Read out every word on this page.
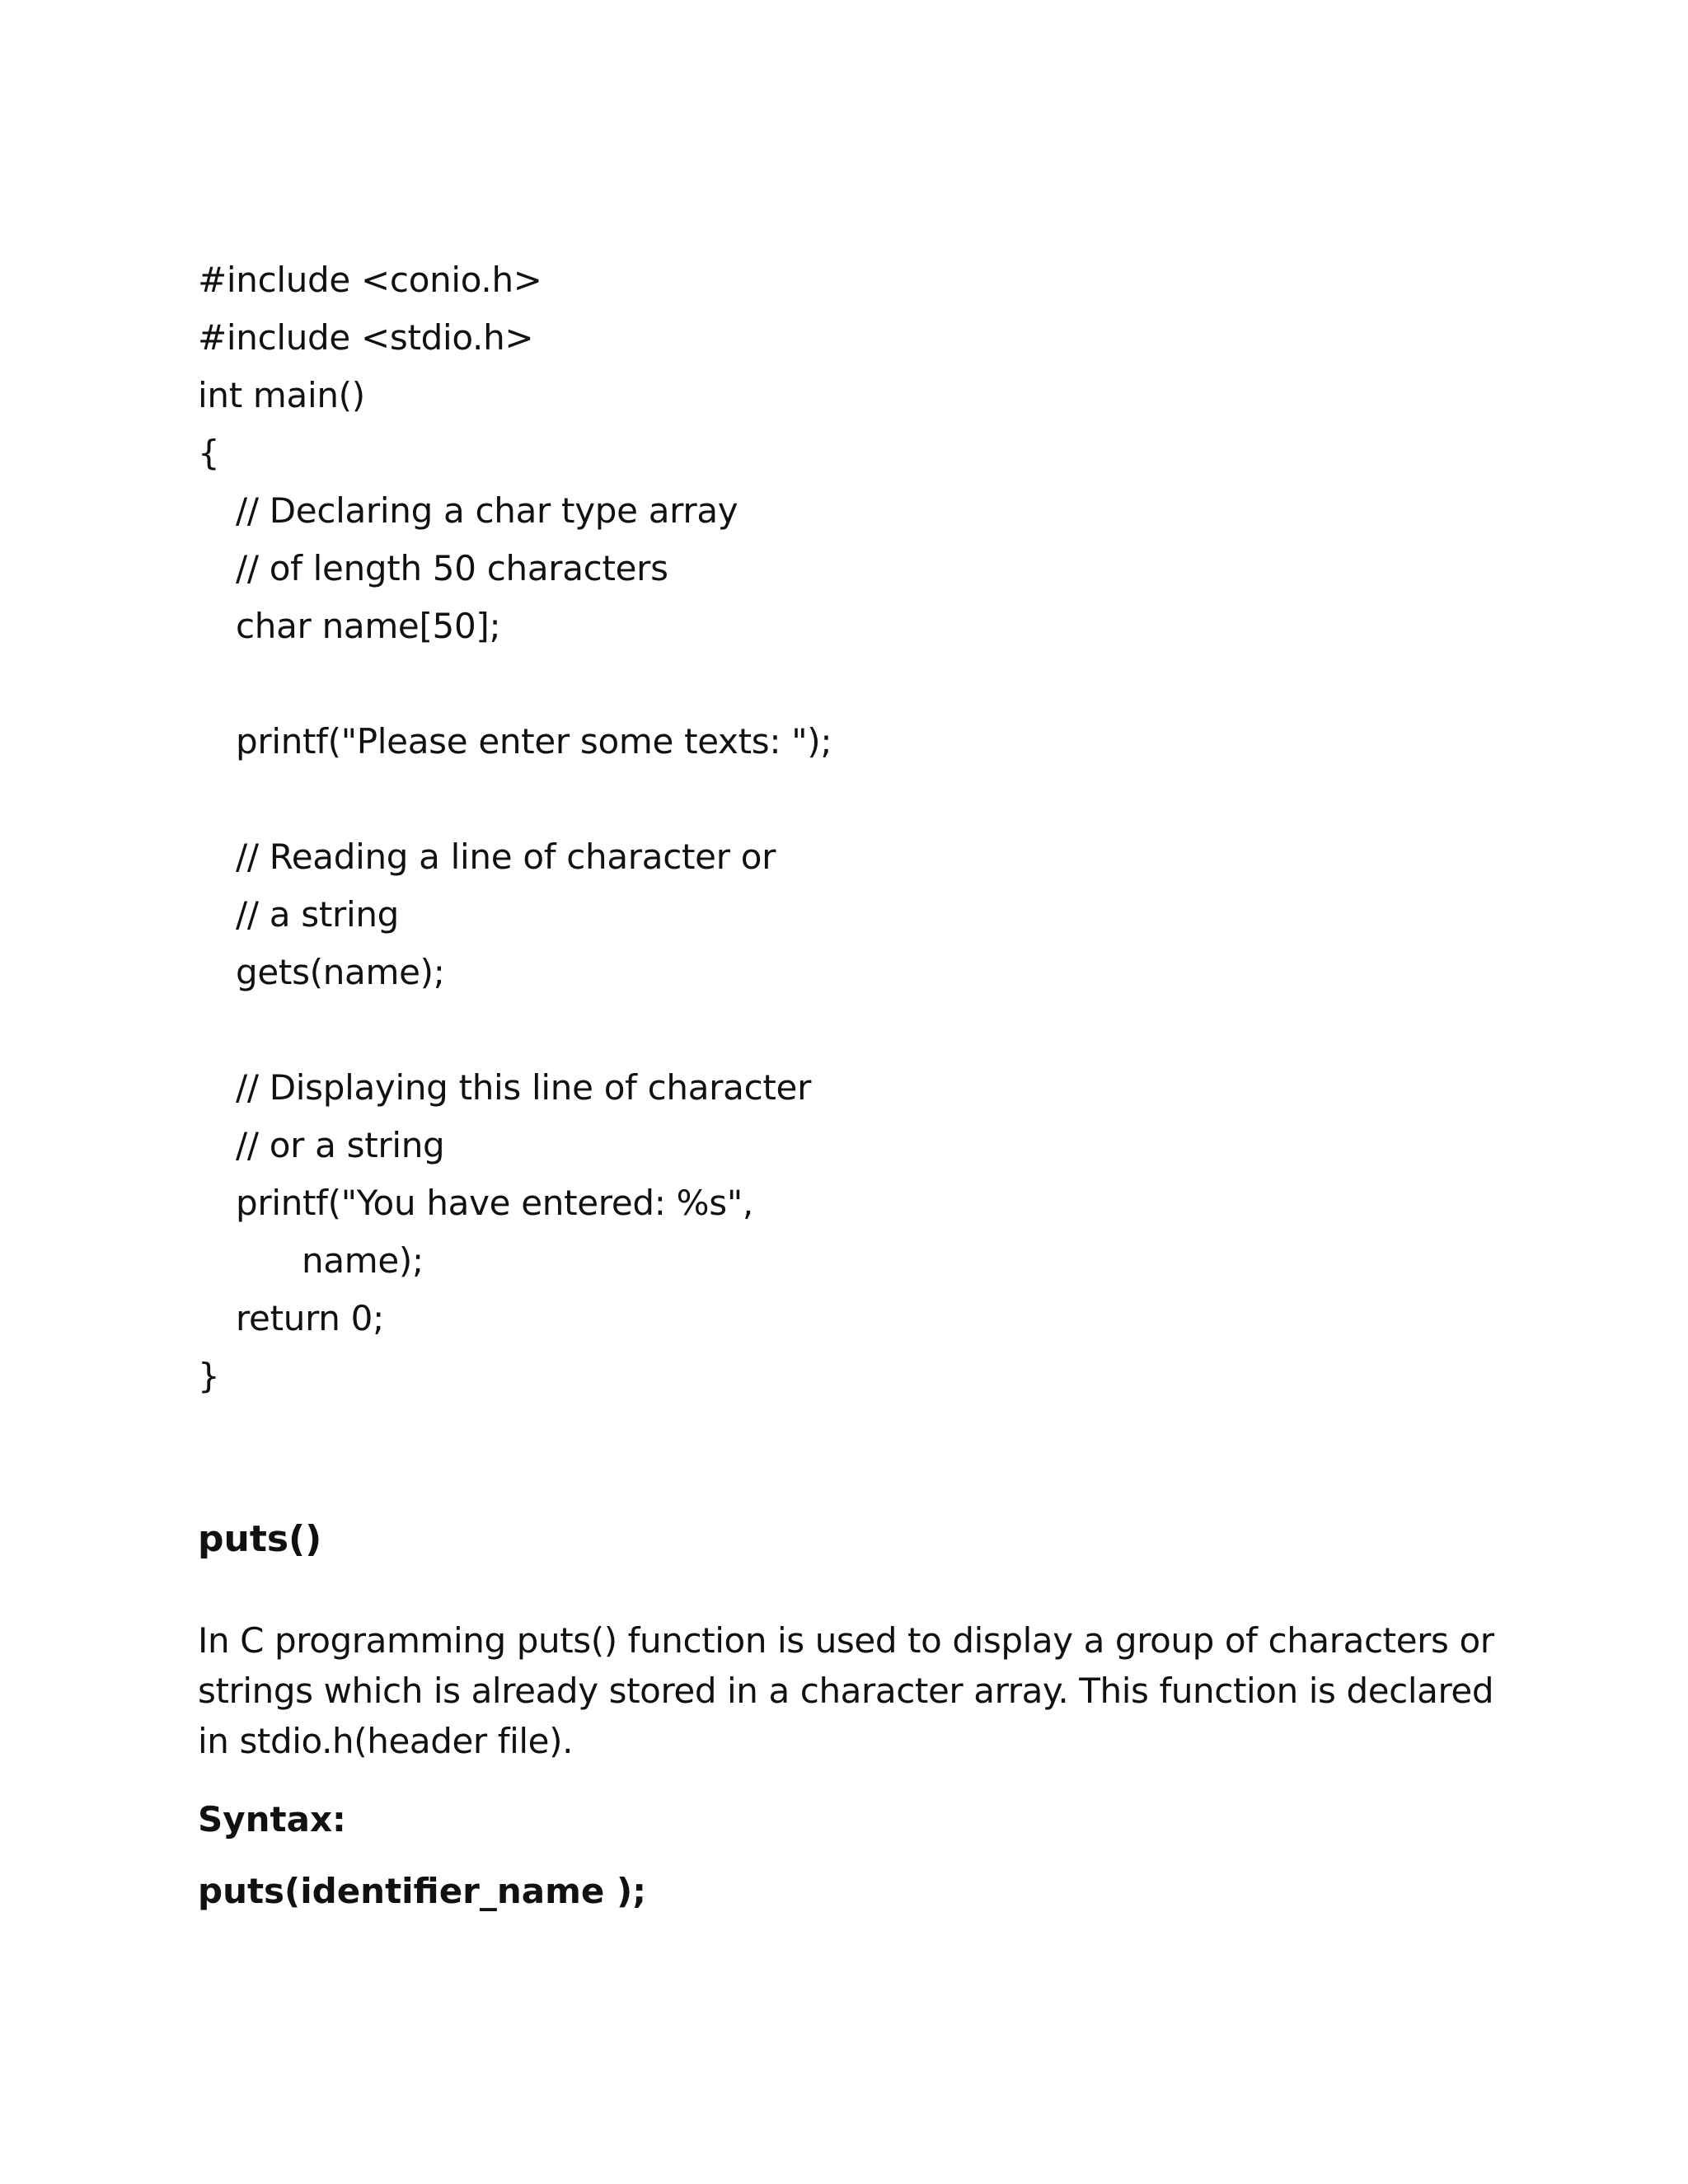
#include <conio.h>
#include <stdio.h>
int main()
{
// Declaring a char type array
// of length 50 characters
char name[50];
printf("Please enter some texts: ");
// Reading a line of character or
// a string
gets(name);
// Displaying this line of character
// or a string
printf("You have entered: %s",
name);
return 0;
}
puts()
In C programming puts() function is used to display a group of characters or strings which is already stored in a character array. This function is declared in stdio.h(header file).
Syntax:
puts(identifier_name );
